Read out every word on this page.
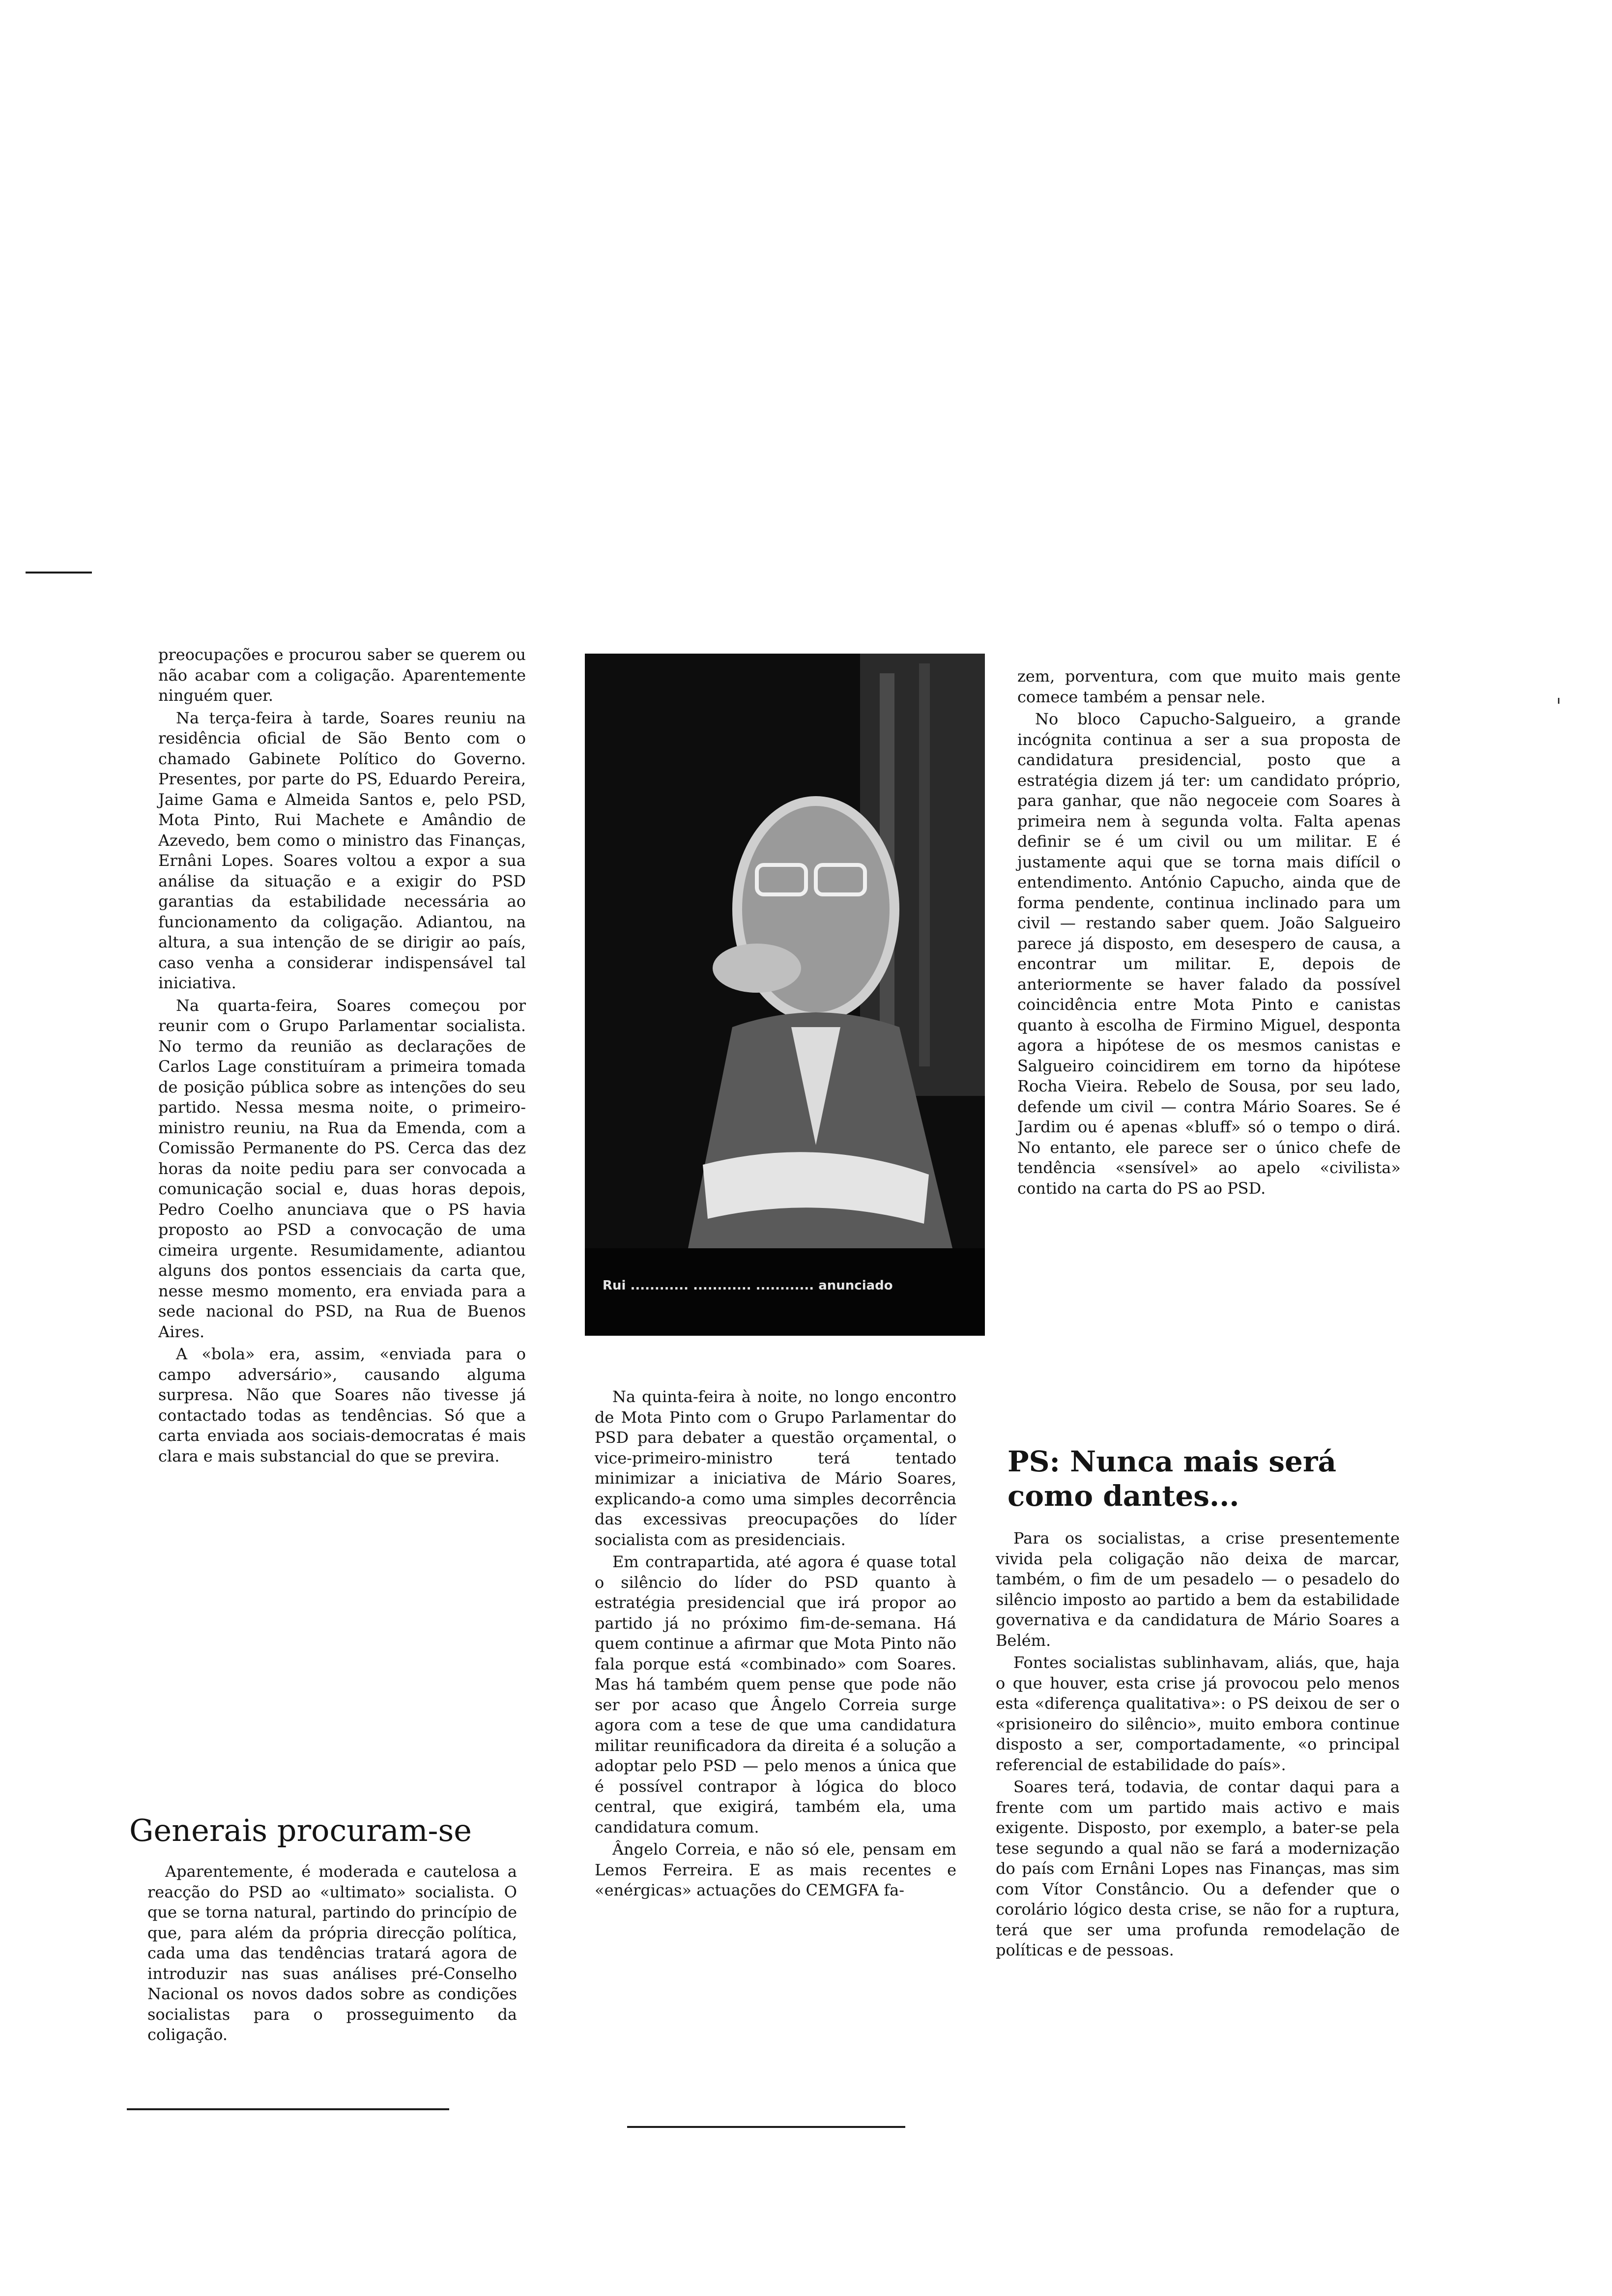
preocupações e procurou saber se querem ou não acabar com a coligação. Aparentemente ninguém quer.

Na terça-feira à tarde, Soares reuniu na residência oficial de São Bento com o chamado Gabinete Político do Governo. Presentes, por parte do PS, Eduardo Pereira, Jaime Gama e Almeida Santos e, pelo PSD, Mota Pinto, Rui Machete e Amândio de Azevedo, bem como o ministro das Finanças, Ernâni Lopes. Soares voltou a expor a sua análise da situação e a exigir do PSD garantias da estabilidade necessária ao funcionamento da coligação. Adiantou, na altura, a sua intenção de se dirigir ao país, caso venha a considerar indispensável tal iniciativa.

Na quarta-feira, Soares começou por reunir com o Grupo Parlamentar socialista. No termo da reunião as declarações de Carlos Lage constituíram a primeira tomada de posição pública sobre as intenções do seu partido. Nessa mesma noite, o primeiro-ministro reuniu, na Rua da Emenda, com a Comissão Permanente do PS. Cerca das dez horas da noite pediu para ser convocada a comunicação social e, duas horas depois, Pedro Coelho anunciava que o PS havia proposto ao PSD a convocação de uma cimeira urgente. Resumidamente, adiantou alguns dos pontos essenciais da carta que, nesse mesmo momento, era enviada para a sede nacional do PSD, na Rua de Buenos Aires.

A «bola» era, assim, «enviada para o campo adversário», causando alguma surpresa. Não que Soares não tivesse já contactado todas as tendências. Só que a carta enviada aos sociais-democratas é mais clara e mais substancial do que se previra.

Generais procuram-se

Aparentemente, é moderada e cautelosa a reacção do PSD ao «ultimato» socialista. O que se torna natural, partindo do princípio de que, para além da própria direcção política, cada uma das tendências tratará agora de introduzir nas suas análises pré-Conselho Nacional os novos dados sobre as condições socialistas para o prosseguimento da coligação.

Rui ............ ............ ............ anunciado

Na quinta-feira à noite, no longo encontro de Mota Pinto com o Grupo Parlamentar do PSD para debater a questão orçamental, o vice-primeiro-ministro terá tentado minimizar a iniciativa de Mário Soares, explicando-a como uma simples decorrência das excessivas preocupações do líder socialista com as presidenciais.

Em contrapartida, até agora é quase total o silêncio do líder do PSD quanto à estratégia presidencial que irá propor ao partido já no próximo fim-de-semana. Há quem continue a afirmar que Mota Pinto não fala porque está «combinado» com Soares. Mas há também quem pense que pode não ser por acaso que Ângelo Correia surge agora com a tese de que uma candidatura militar reunificadora da direita é a solução a adoptar pelo PSD — pelo menos a única que é possível contrapor à lógica do bloco central, que exigirá, também ela, uma candidatura comum.

Ângelo Correia, e não só ele, pensam em Lemos Ferreira. E as mais recentes e «enérgicas» actuações do CEMGFA fa-

zem, porventura, com que muito mais gente comece também a pensar nele.

No bloco Capucho-Salgueiro, a grande incógnita continua a ser a sua proposta de candidatura presidencial, posto que a estratégia dizem já ter: um candidato próprio, para ganhar, que não negoceie com Soares à primeira nem à segunda volta. Falta apenas definir se é um civil ou um militar. E é justamente aqui que se torna mais difícil o entendimento. António Capucho, ainda que de forma pendente, continua inclinado para um civil — restando saber quem. João Salgueiro parece já disposto, em desespero de causa, a encontrar um militar. E, depois de anteriormente se haver falado da possível coincidência entre Mota Pinto e canistas quanto à escolha de Firmino Miguel, desponta agora a hipótese de os mesmos canistas e Salgueiro coincidirem em torno da hipótese Rocha Vieira. Rebelo de Sousa, por seu lado, defende um civil — contra Mário Soares. Se é Jardim ou é apenas «bluff» só o tempo o dirá. No entanto, ele parece ser o único chefe de tendência «sensível» ao apelo «civilista» contido na carta do PS ao PSD.

PS: Nunca mais será como dantes...

Para os socialistas, a crise presentemente vivida pela coligação não deixa de marcar, também, o fim de um pesadelo — o pesadelo do silêncio imposto ao partido a bem da estabilidade governativa e da candidatura de Mário Soares a Belém.

Fontes socialistas sublinhavam, aliás, que, haja o que houver, esta crise já provocou pelo menos esta «diferença qualitativa»: o PS deixou de ser o «prisioneiro do silêncio», muito embora continue disposto a ser, comportadamente, «o principal referencial de estabilidade do país».

Soares terá, todavia, de contar daqui para a frente com um partido mais activo e mais exigente. Disposto, por exemplo, a bater-se pela tese segundo a qual não se fará a modernização do país com Ernâni Lopes nas Finanças, mas sim com Vítor Constâncio. Ou a defender que o corolário lógico desta crise, se não for a ruptura, terá que ser uma profunda remodelação de políticas e de pessoas.
